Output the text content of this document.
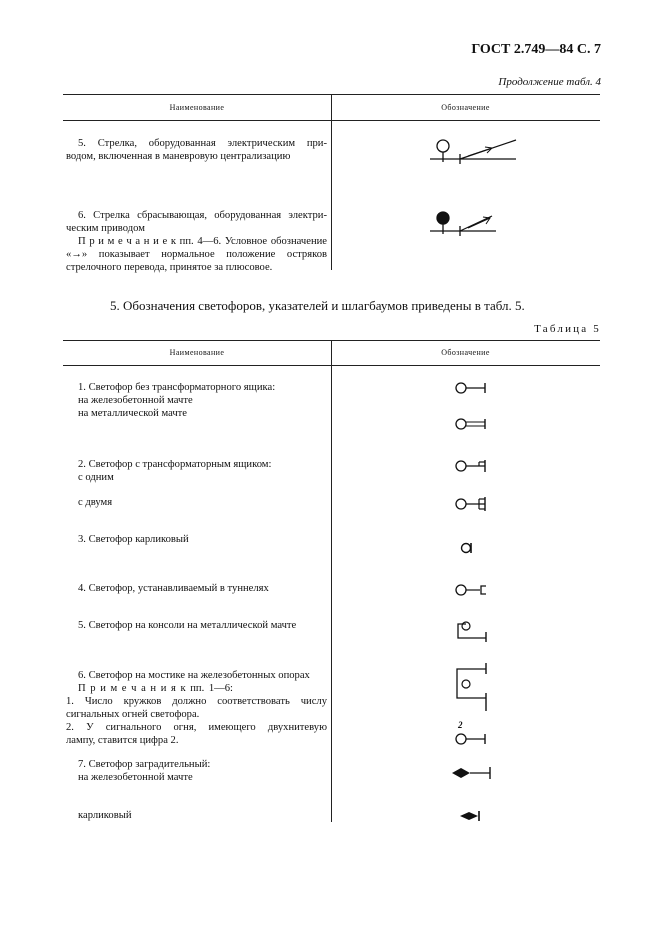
ГОСТ 2.749—84 С. 7
Продолжение табл. 4
Наименование	Обозначение
5. Стрелка, оборудованная электрическим при-
водом, включенная в маневровую централизацию
6. Стрелка сбрасывающая, оборудованная электри-
ческим приводом
П р и м е ч а н и е к пп. 4—6. Условное обозначение
«→» показывает нормальное положение остряков
стрелочного перевода, принятое за плюсовое.
5. Обозначения светофоров, указателей и шлагбаумов приведены в табл. 5.
Таблица 5
Наименование	Обозначение
1. Светофор без трансформаторного ящика:
на железобетонной мачте
на металлической мачте
2. Светофор с трансформаторным ящиком:
с одним
с двумя
3. Светофор карликовый
4. Светофор, устанавливаемый в туннелях
5. Светофор на консоли на металлической мачте
6. Светофор на мостике на железобетонных опорах
П р и м е ч а н и я к пп. 1—6:
1. Число кружков должно соответствовать числу
сигнальных огней светофора.
2. У сигнального огня, имеющего двухнитевую
лампу, ставится цифра 2.
2
7. Светофор заградительный:
на железобетонной мачте
карликовый
